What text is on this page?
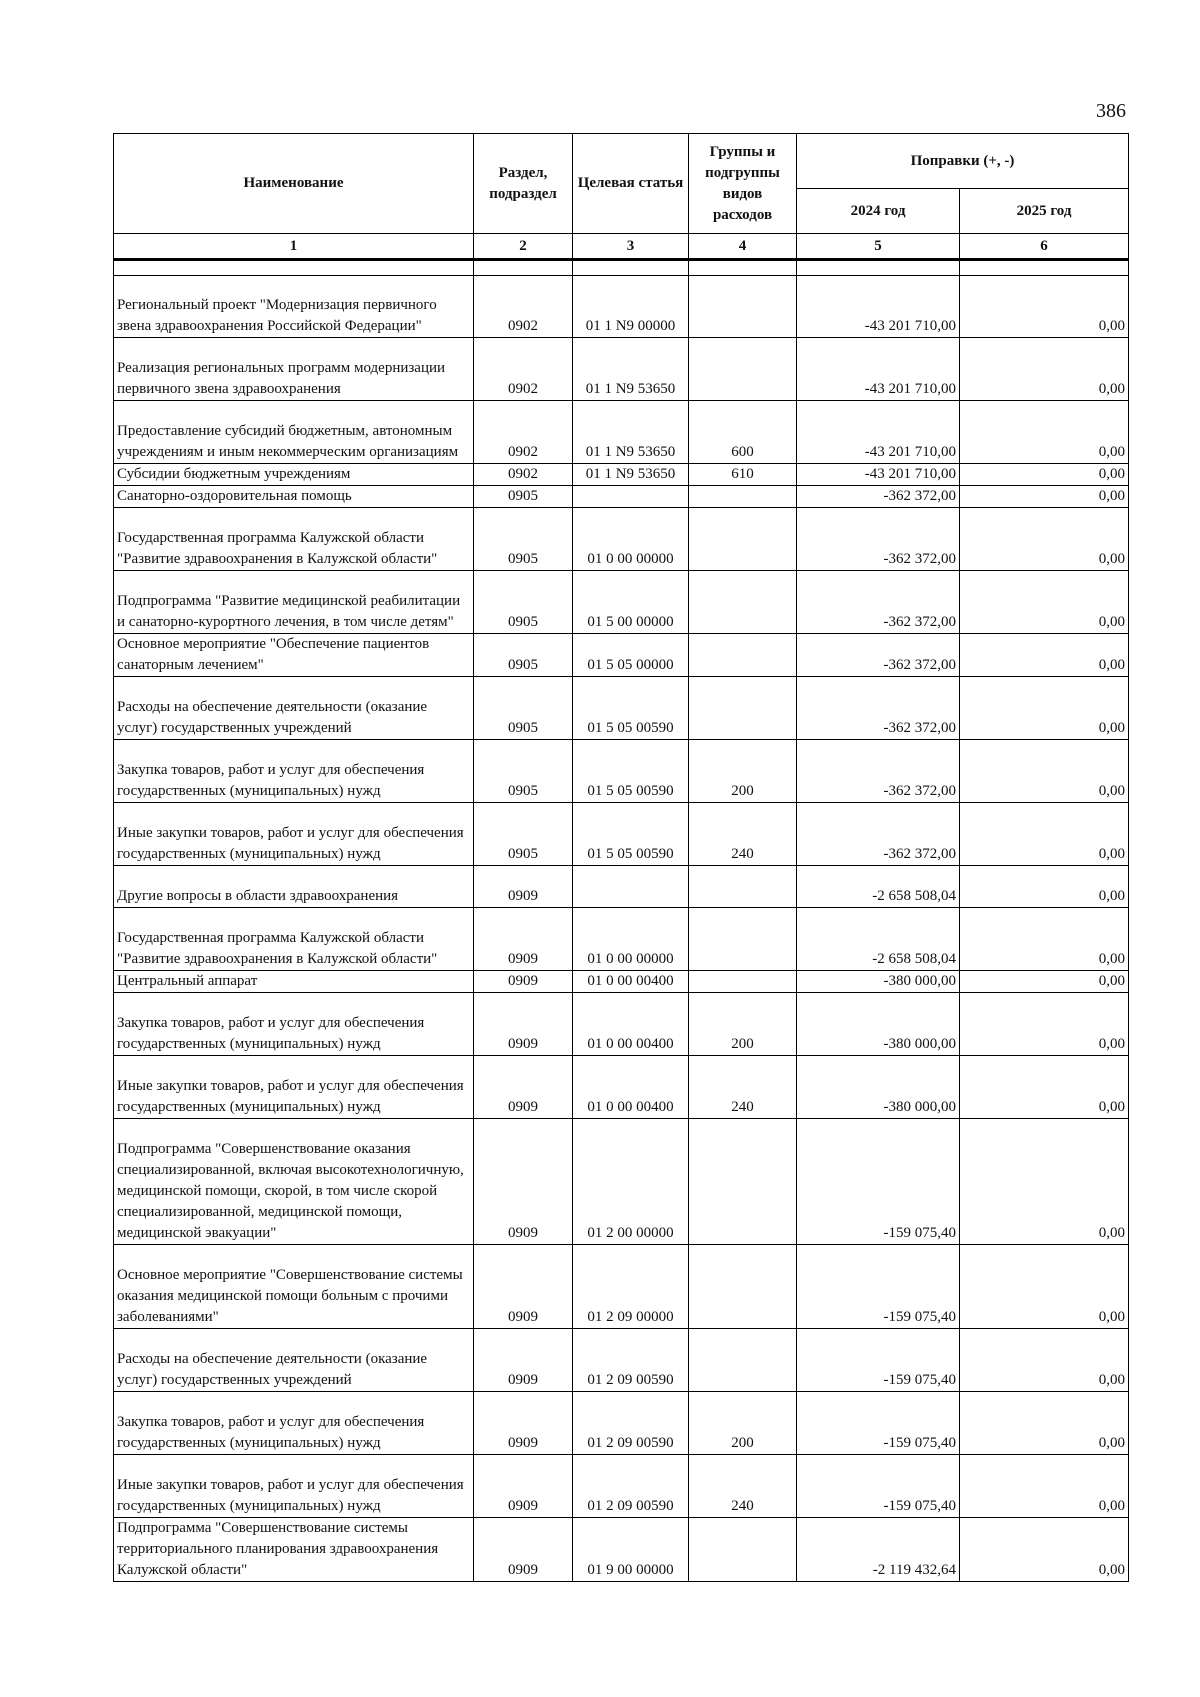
386
Наименование	Раздел, подраздел	Целевая статья	Группы и подгруппы видов расходов	Поправки (+, -)	
				2024 год	2025 год
1	2	3	4	5	6

Региональный проект "Модернизация первичного звена здравоохранения Российской Федерации"	0902	01 1 N9 00000		-43 201 710,00	0,00
Реализация региональных программ модернизации первичного звена здравоохранения	0902	01 1 N9 53650		-43 201 710,00	0,00
Предоставление субсидий бюджетным, автономным учреждениям и иным некоммерческим организациям	0902	01 1 N9 53650	600	-43 201 710,00	0,00
Субсидии бюджетным учреждениям	0902	01 1 N9 53650	610	-43 201 710,00	0,00
Санаторно-оздоровительная помощь	0905			-362 372,00	0,00
Государственная программа Калужской области "Развитие здравоохранения в Калужской области"	0905	01 0 00 00000		-362 372,00	0,00
Подпрограмма "Развитие медицинской реабилитации и санаторно-курортного лечения, в том числе детям"	0905	01 5 00 00000		-362 372,00	0,00
Основное мероприятие "Обеспечение пациентов санаторным лечением"	0905	01 5 05 00000		-362 372,00	0,00
Расходы на обеспечение деятельности (оказание услуг) государственных учреждений	0905	01 5 05 00590		-362 372,00	0,00
Закупка товаров, работ и услуг для обеспечения государственных (муниципальных) нужд	0905	01 5 05 00590	200	-362 372,00	0,00
Иные закупки товаров, работ и услуг для обеспечения государственных (муниципальных) нужд	0905	01 5 05 00590	240	-362 372,00	0,00
Другие вопросы в области здравоохранения	0909			-2 658 508,04	0,00
Государственная программа Калужской области "Развитие здравоохранения в Калужской области"	0909	01 0 00 00000		-2 658 508,04	0,00
Центральный аппарат	0909	01 0 00 00400		-380 000,00	0,00
Закупка товаров, работ и услуг для обеспечения государственных (муниципальных) нужд	0909	01 0 00 00400	200	-380 000,00	0,00
Иные закупки товаров, работ и услуг для обеспечения государственных (муниципальных) нужд	0909	01 0 00 00400	240	-380 000,00	0,00
Подпрограмма "Совершенствование оказания специализированной, включая высокотехнологичную, медицинской помощи, скорой, в том числе скорой специализированной, медицинской помощи, медицинской эвакуации"	0909	01 2 00 00000		-159 075,40	0,00
Основное мероприятие "Совершенствование системы оказания медицинской помощи больным с прочими заболеваниями"	0909	01 2 09 00000		-159 075,40	0,00
Расходы на обеспечение деятельности (оказание услуг) государственных учреждений	0909	01 2 09 00590		-159 075,40	0,00
Закупка товаров, работ и услуг для обеспечения государственных (муниципальных) нужд	0909	01 2 09 00590	200	-159 075,40	0,00
Иные закупки товаров, работ и услуг для обеспечения государственных (муниципальных) нужд	0909	01 2 09 00590	240	-159 075,40	0,00
Подпрограмма "Совершенствование системы территориального планирования здравоохранения Калужской области"	0909	01 9 00 00000		-2 119 432,64	0,00
